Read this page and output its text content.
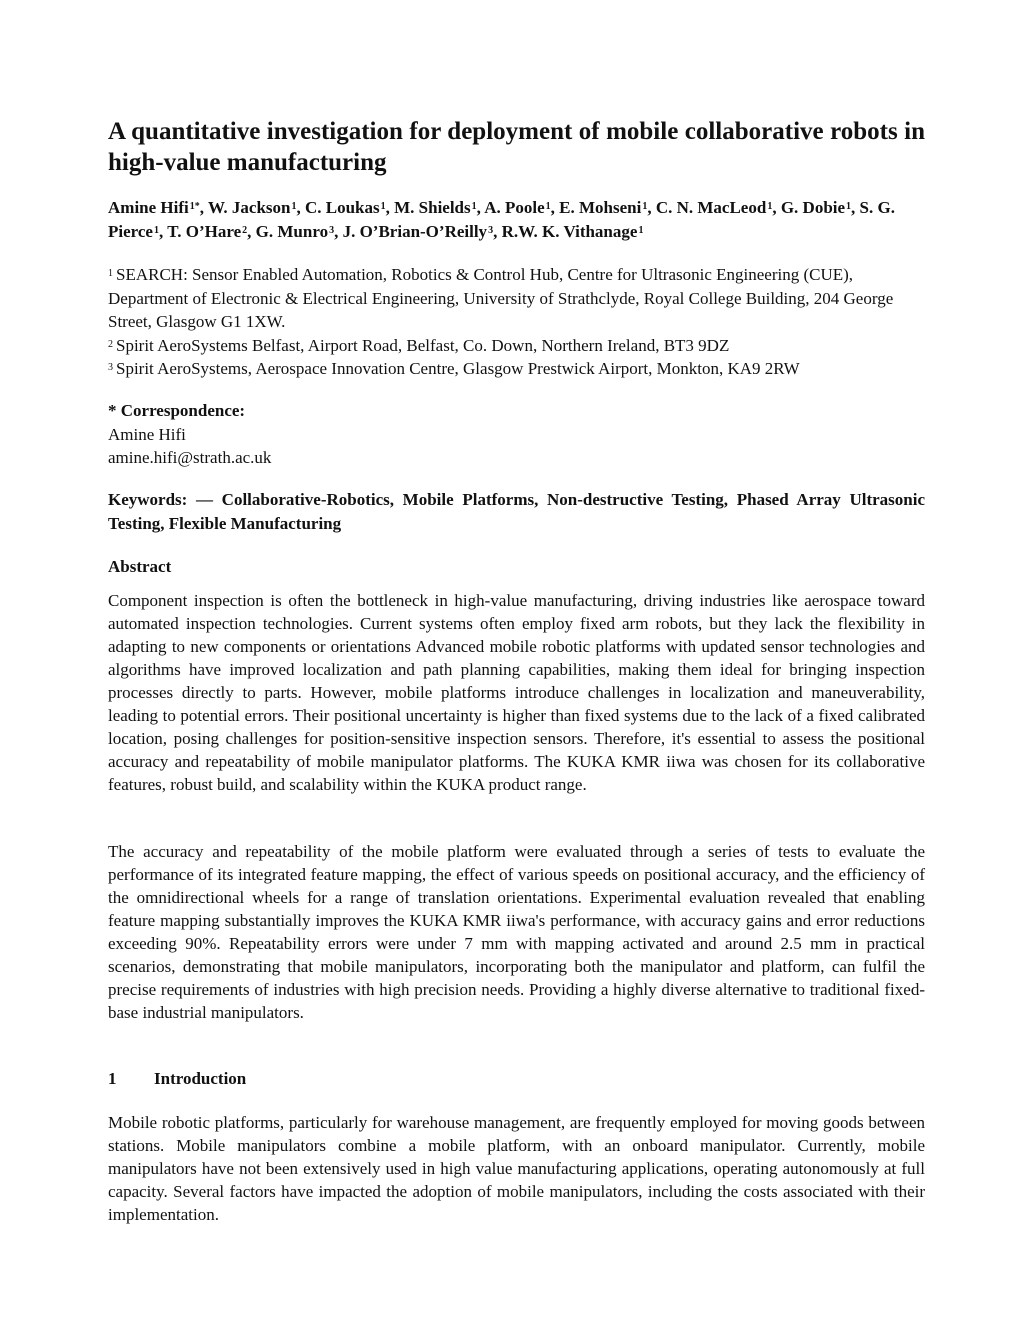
A quantitative investigation for deployment of mobile collaborative robots in high-value manufacturing

Amine Hifi$^{1*}$, W. Jackson$^1$, C. Loukas$^1$, M. Shields$^1$, A. Poole$^1$, E. Mohseni$^1$, C. N. MacLeod$^1$, G. Dobie$^1$, S. G. Pierce$^1$, T. O’Hare$^2$, G. Munro$^3$, J. O’Brian-O’Reilly$^3$, R.W. K. Vithanage$^1$

$^1$ SEARCH: Sensor Enabled Automation, Robotics & Control Hub, Centre for Ultrasonic Engineering (CUE), Department of Electronic & Electrical Engineering, University of Strathclyde, Royal College Building, 204 George Street, Glasgow G1 1XW.
$^2$ Spirit AeroSystems Belfast, Airport Road, Belfast, Co. Down, Northern Ireland, BT3 9DZ
$^3$ Spirit AeroSystems, Aerospace Innovation Centre, Glasgow Prestwick Airport, Monkton, KA9 2RW
* Correspondence:
Amine Hifi
amine.hifi@strath.ac.uk

Keywords: — Collaborative-Robotics, Mobile Platforms, Non-destructive Testing, Phased Array Ultrasonic Testing, Flexible Manufacturing

Abstract

Component inspection is often the bottleneck in high-value manufacturing, driving industries like aerospace toward automated inspection technologies. Current systems often employ fixed arm robots, but they lack the flexibility in adapting to new components or orientations Advanced mobile robotic platforms with updated sensor technologies and algorithms have improved localization and path planning capabilities, making them ideal for bringing inspection processes directly to parts. However, mobile platforms introduce challenges in localization and maneuverability, leading to potential errors. Their positional uncertainty is higher than fixed systems due to the lack of a fixed calibrated location, posing challenges for position-sensitive inspection sensors. Therefore, it's essential to assess the positional accuracy and repeatability of mobile manipulator platforms. The KUKA KMR iiwa was chosen for its collaborative features, robust build, and scalability within the KUKA product range.

The accuracy and repeatability of the mobile platform were evaluated through a series of tests to evaluate the performance of its integrated feature mapping, the effect of various speeds on positional accuracy, and the efficiency of the omnidirectional wheels for a range of translation orientations. Experimental evaluation revealed that enabling feature mapping substantially improves the KUKA KMR iiwa's performance, with accuracy gains and error reductions exceeding 90%. Repeatability errors were under 7 mm with mapping activated and around 2.5 mm in practical scenarios, demonstrating that mobile manipulators, incorporating both the manipulator and platform, can fulfil the precise requirements of industries with high precision needs. Providing a highly diverse alternative to traditional fixed-base industrial manipulators.

1 Introduction

Mobile robotic platforms, particularly for warehouse management, are frequently employed for moving goods between stations. Mobile manipulators combine a mobile platform, with an onboard manipulator. Currently, mobile manipulators have not been extensively used in high value manufacturing applications, operating autonomously at full capacity. Several factors have impacted the adoption of mobile manipulators, including the costs associated with their implementation.
